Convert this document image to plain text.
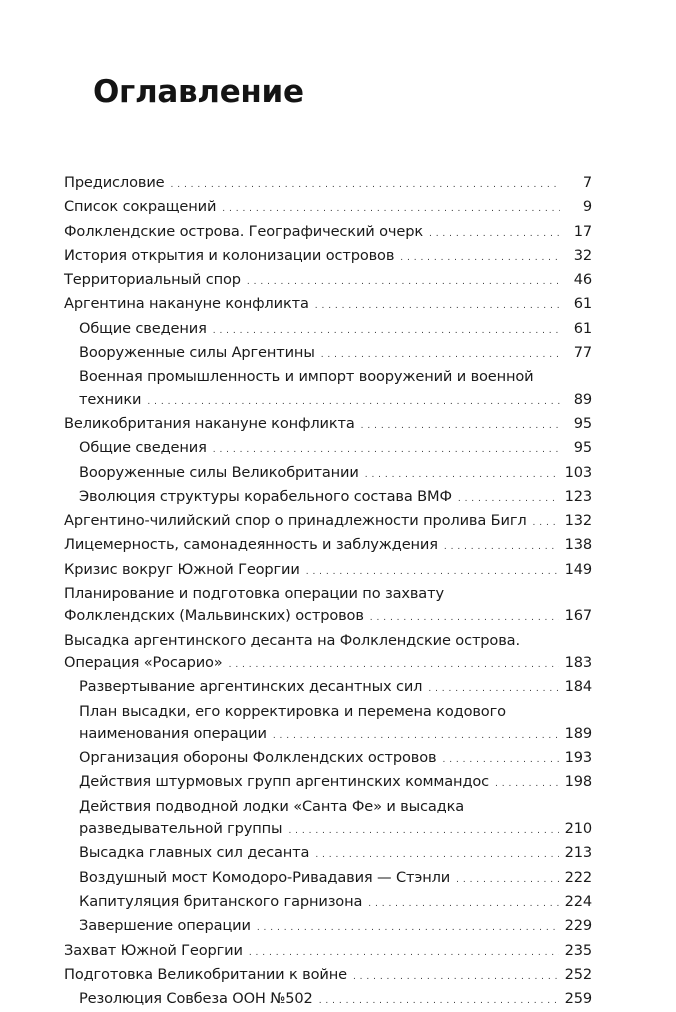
Оглавление
Предисловие . . .	7
Список сокращений . . .	9
Фолклендские острова. Географический очерк . . .	17
История открытия и колонизации островов . . .	32
Территориальный спор . . .	46
Аргентина накануне конфликта . . .	61
Общие сведения . . .	61
Вооруженные силы Аргентины . . .	77
Военная промышленность и импорт вооружений и военной
техники . . .	89
Великобритания накануне конфликта . . .	95
Общие сведения . . .	95
Вооруженные силы Великобритании . . .	103
Эволюция структуры корабельного состава ВМФ . . .	123
Аргентино-чилийский спор о принадлежности пролива Бигл . . .	132
Лицемерность, самонадеянность и заблуждения . . .	138
Кризис вокруг Южной Георгии . . .	149
Планирование и подготовка операции по захвату
Фолклендских (Мальвинских) островов . . .	167
Высадка аргентинского десанта на Фолклендские острова.
Операция «Росарио» . . .	183
Развертывание аргентинских десантных сил . . .	184
План высадки, его корректировка и перемена кодового
наименования операции . . .	189
Организация обороны Фолклендских островов . . .	193
Действия штурмовых групп аргентинских коммандос . . .	198
Действия подводной лодки «Санта Фе» и высадка
разведывательной группы . . .	210
Высадка главных сил десанта . . .	213
Воздушный мост Комодоро-Ривадавия — Стэнли . . .	222
Капитуляция британского гарнизона . . .	224
Завершение операции . . .	229
Захват Южной Георгии . . .	235
Подготовка Великобритании к войне . . .	252
Резолюция Совбеза ООН №502 . . .	259
